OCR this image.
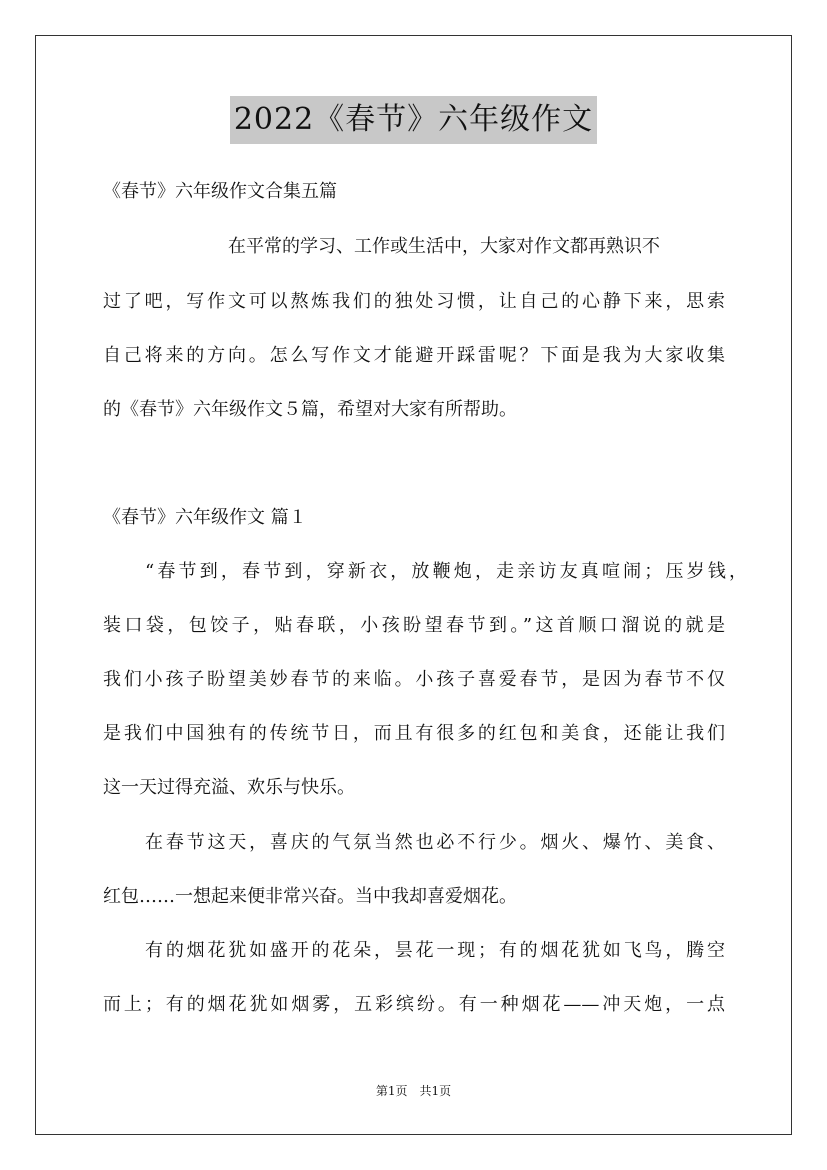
2022《春节》六年级作文
《春节》六年级作文合集五篇
在平常的学习、工作或生活中，大家对作文都再熟识不
过了吧，写作文可以熬炼我们的独处习惯，让自己的心静下来，思索
自己将来的方向。怎么写作文才能避开踩雷呢？下面是我为大家收集
的《春节》六年级作文５篇，希望对大家有所帮助。
《春节》六年级作文 篇１
“春节到，春节到，穿新衣，放鞭炮，走亲访友真喧闹；压岁钱，
装口袋，包饺子，贴春联，小孩盼望春节到。”这首顺口溜说的就是
我们小孩子盼望美妙春节的来临。小孩子喜爱春节，是因为春节不仅
是我们中国独有的传统节日，而且有很多的红包和美食，还能让我们
这一天过得充溢、欢乐与快乐。
在春节这天，喜庆的气氛当然也必不行少。烟火、爆竹、美食、
红包……一想起来便非常兴奋。当中我却喜爱烟花。
有的烟花犹如盛开的花朵，昙花一现；有的烟花犹如飞鸟，腾空
而上；有的烟花犹如烟雾，五彩缤纷。有一种烟花——冲天炮，一点
第1页　共1页
